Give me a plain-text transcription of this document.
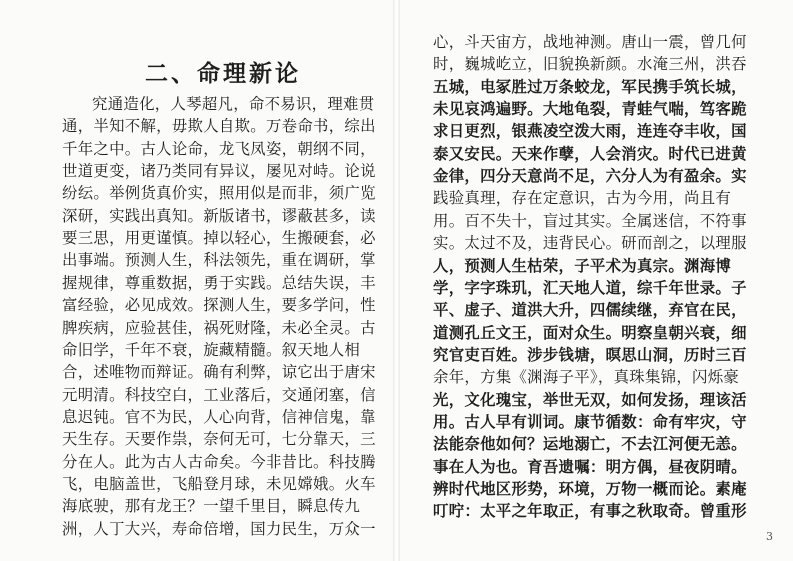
二、命理新论
究通造化，人琴超凡，命不易识，理难贯
通，半知不解，毋欺人自欺。万卷命书，综出
千年之中。古人论命，龙飞凤姿，朝纲不同，
世道更变，诸乃类同有异议，屡见对峙。论说
纷纭。举例货真价实，照用似是而非，须广览
深研，实践出真知。新版诸书，谬蔽甚多，读
要三思，用更谨慎。掉以轻心，生搬硬套，必
出事端。预测人生，科法领先，重在调研，掌
握规律，尊重数据，勇于实践。总结失误，丰
富经验，必见成效。探测人生，要多学问，性
脾疾病，应验甚佳，祸死财隆，未必全灵。古
命旧学，千年不衰，旋藏精髓。叙天地人相
合，述唯物而辩证。确有利弊，谅它出于唐宋
元明清。科技空白，工业落后，交通闭塞，信
息迟钝。官不为民，人心向背，信神信鬼，靠
天生存。天要作祟，奈何无可，七分靠天，三
分在人。此为古人古命矣。今非昔比。科技腾
飞，电脑盖世，飞船登月球，未见嫦娥。火车
海底驶，那有龙王？一望千里目，瞬息传九
洲，人丁大兴，寿命倍增，国力民生，万众一
心，斗天宙方，战地神测。唐山一震，曾几何
时，巍城屹立，旧貌换新颜。水淹三州，洪吞
五城，电冢胜过万条蛟龙，军民携手筑长城，
未见哀鸿遍野。大地龟裂，青蛙气喘，笃客跪
求日更烈，银燕凌空泼大雨，连连夺丰收，国
泰又安民。天来作孽，人会消灾。时代已进黄
金律，四分天意尚不足，六分人为有盈余。实
践验真理，存在定意识，古为今用，尚且有
用。百不失十，盲过其实。全属迷信，不符事
实。太过不及，违背民心。研而剖之，以理服
人，预测人生枯荣，子平术为真宗。渊海博
学，字字珠玑，汇天地人道，综千年世录。子
平、虚子、道洪大升，四儒续继，弃官在民，
道测孔丘文王，面对众生。明察皇朝兴衰，细
究官吏百姓。涉步钱塘，暝思山洞，历时三百
余年，方集《渊海子平》，真珠集锦，闪烁豪
光，文化瑰宝，举世无双，如何发扬，理该活
用。古人早有训词。康节循数：命有牢灾，守
法能奈他如何？运地溺亡，不去江河便无恙。
事在人为也。育吾遗嘱：明方偶，昼夜阴晴。
辨时代地区形势，环境，万物一概而论。素庵
叮咛：太平之年取正，有事之秋取奇。曾重形
3
